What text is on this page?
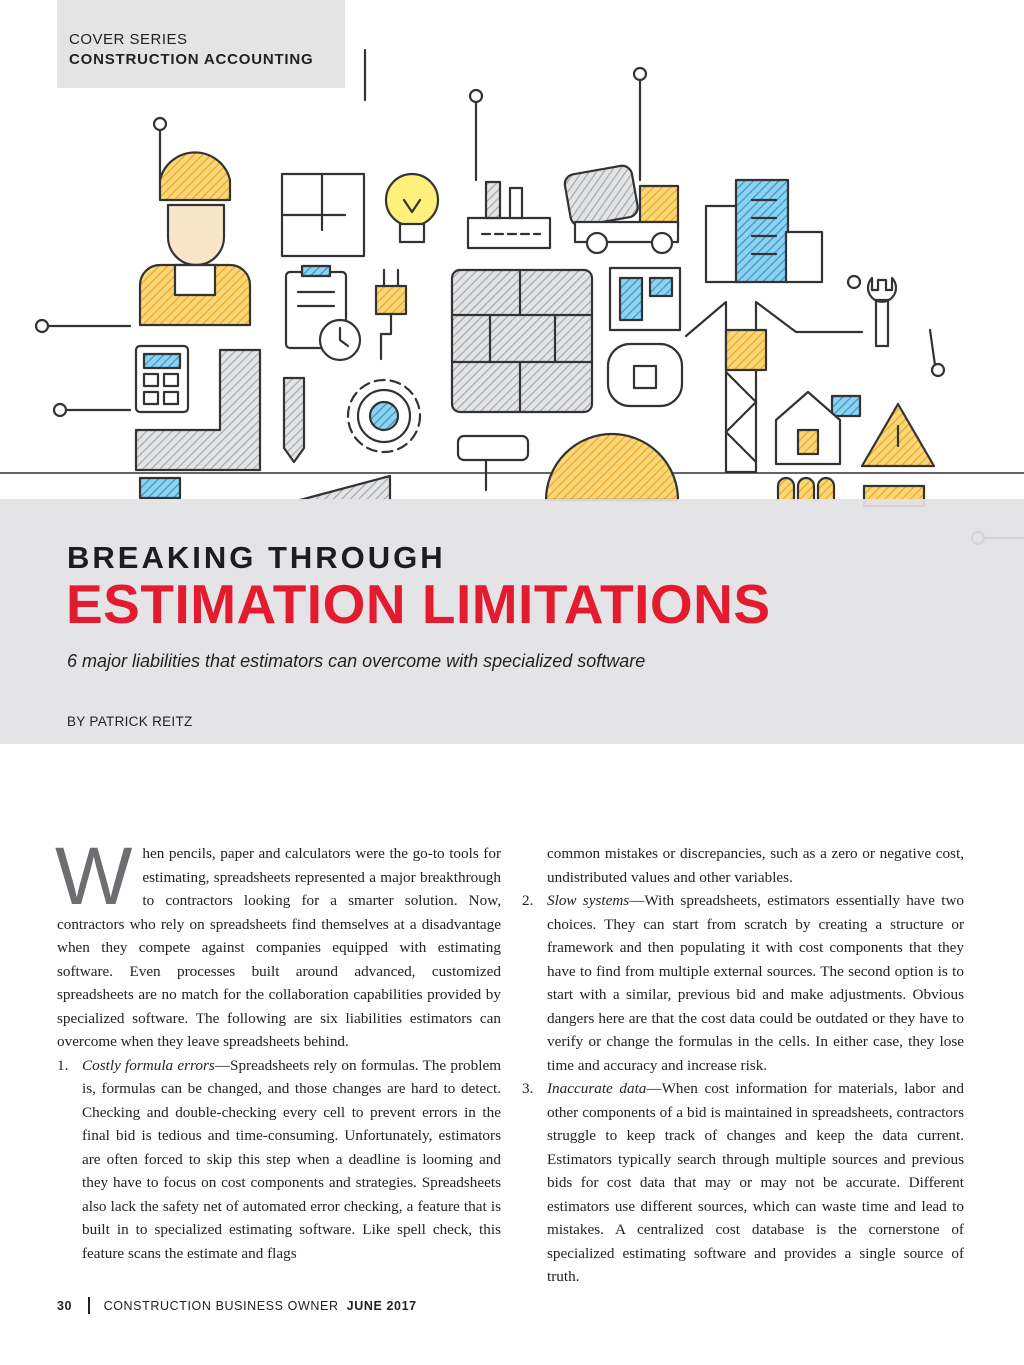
COVER SERIES
CONSTRUCTION ACCOUNTING
BREAKING THROUGH
ESTIMATION LIMITATIONS
6 major liabilities that estimators can overcome with specialized software
BY PATRICK REITZ

When pencils, paper and calculators were the go-to tools for estimating, spreadsheets represented a major breakthrough to contractors looking for a smarter solution. Now, contractors who rely on spreadsheets find themselves at a disadvantage when they compete against companies equipped with estimating software. Even processes built around advanced, customized spreadsheets are no match for the collaboration capabilities provided by specialized software. The following are six liabilities estimators can overcome when they leave spreadsheets behind.

1. Costly formula errors—Spreadsheets rely on formulas. The problem is, formulas can be changed, and those changes are hard to detect. Checking and double-checking every cell to prevent errors in the final bid is tedious and time-consuming. Unfortunately, estimators are often forced to skip this step when a deadline is looming and they have to focus on cost components and strategies. Spreadsheets also lack the safety net of automated error checking, a feature that is built in to specialized estimating software. Like spell check, this feature scans the estimate and flags

common mistakes or discrepancies, such as a zero or negative cost, undistributed values and other variables.

2. Slow systems—With spreadsheets, estimators essentially have two choices. They can start from scratch by creating a structure or framework and then populating it with cost components that they have to find from multiple external sources. The second option is to start with a similar, previous bid and make adjustments. Obvious dangers here are that the cost data could be outdated or they have to verify or change the formulas in the cells. In either case, they lose time and accuracy and increase risk.

3. Inaccurate data—When cost information for materials, labor and other components of a bid is maintained in spreadsheets, contractors struggle to keep track of changes and keep the data current. Estimators typically search through multiple sources and previous bids for cost data that may or may not be accurate. Different estimators use different sources, which can waste time and lead to mistakes. A centralized cost database is the cornerstone of specialized estimating software and provides a single source of truth.

30	CONSTRUCTION BUSINESS OWNER JUNE 2017
